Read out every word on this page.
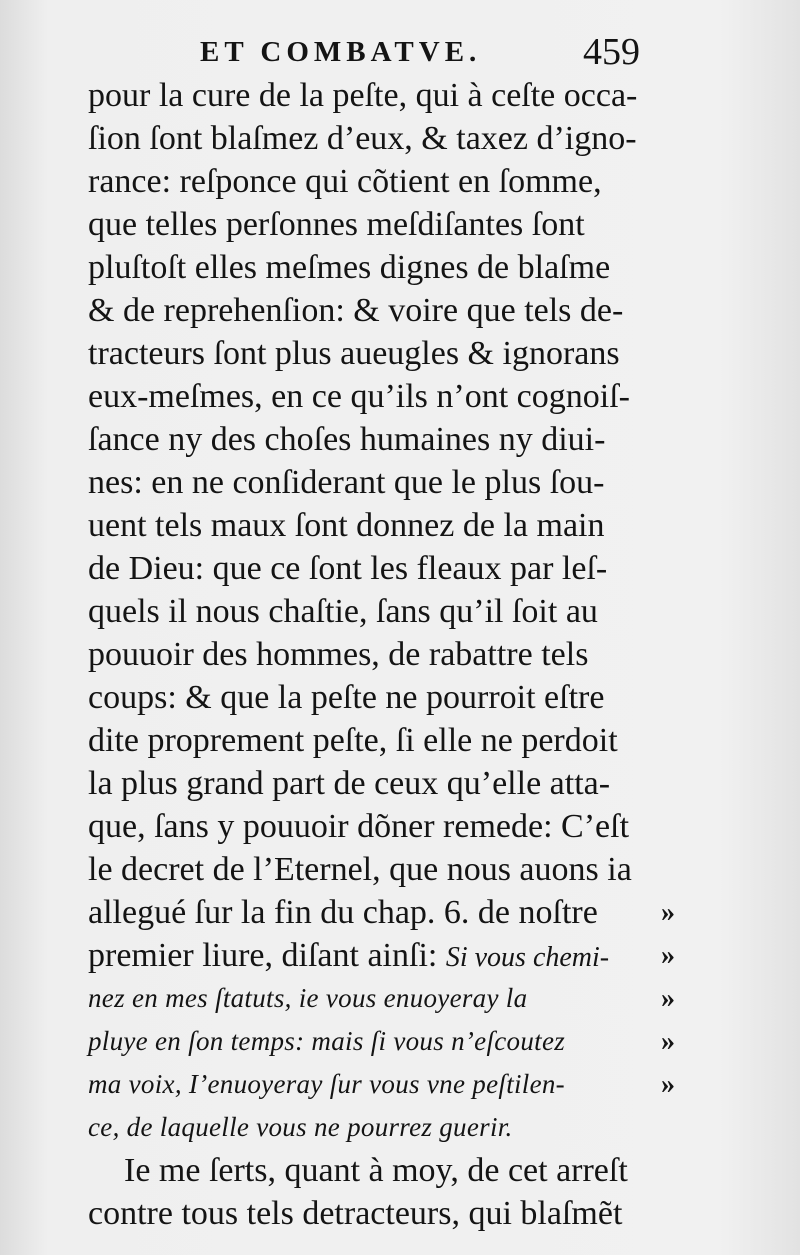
ET COMBATVE.	459
pour la cure de la peſte, qui à ceſte occa-
ſion ſont blaſmez d’eux, & taxez d’igno-
rance: reſponce qui cõtient en ſomme,
que telles perſonnes meſdiſantes ſont
pluſtoſt elles meſmes dignes de blaſme
& de reprehenſion: & voire que tels de-
tracteurs ſont plus aueugles & ignorans
eux-meſmes, en ce qu’ils n’ont cognoiſ-
ſance ny des choſes humaines ny diui-
nes: en ne conſiderant que le plus ſou-
uent tels maux ſont donnez de la main
de Dieu: que ce ſont les fleaux par leſ-
quels il nous chaſtie, ſans qu’il ſoit au
pouuoir des hommes, de rabattre tels
coups: & que la peſte ne pourroit eſtre
dite proprement peſte, ſi elle ne perdoit
la plus grand part de ceux qu’elle atta-
que, ſans y pouuoir dõner remede: C’eſt
le decret de l’Eternel, que nous auons ia
allegué ſur la fin du chap. 6. de noſtre
premier liure, diſant ainſi: Si vous chemi-
nez en mes ſtatuts, ie vous enuoyeray la
pluye en ſon temps: mais ſi vous n’eſcoutez
ma voix, I’enuoyeray ſur vous vne peſtilen-
ce, de laquelle vous ne pourrez guerir.
Ie me ſerts, quant à moy, de cet arreſt
contre tous tels detracteurs, qui blaſmẽt
»
»
»
»
»
